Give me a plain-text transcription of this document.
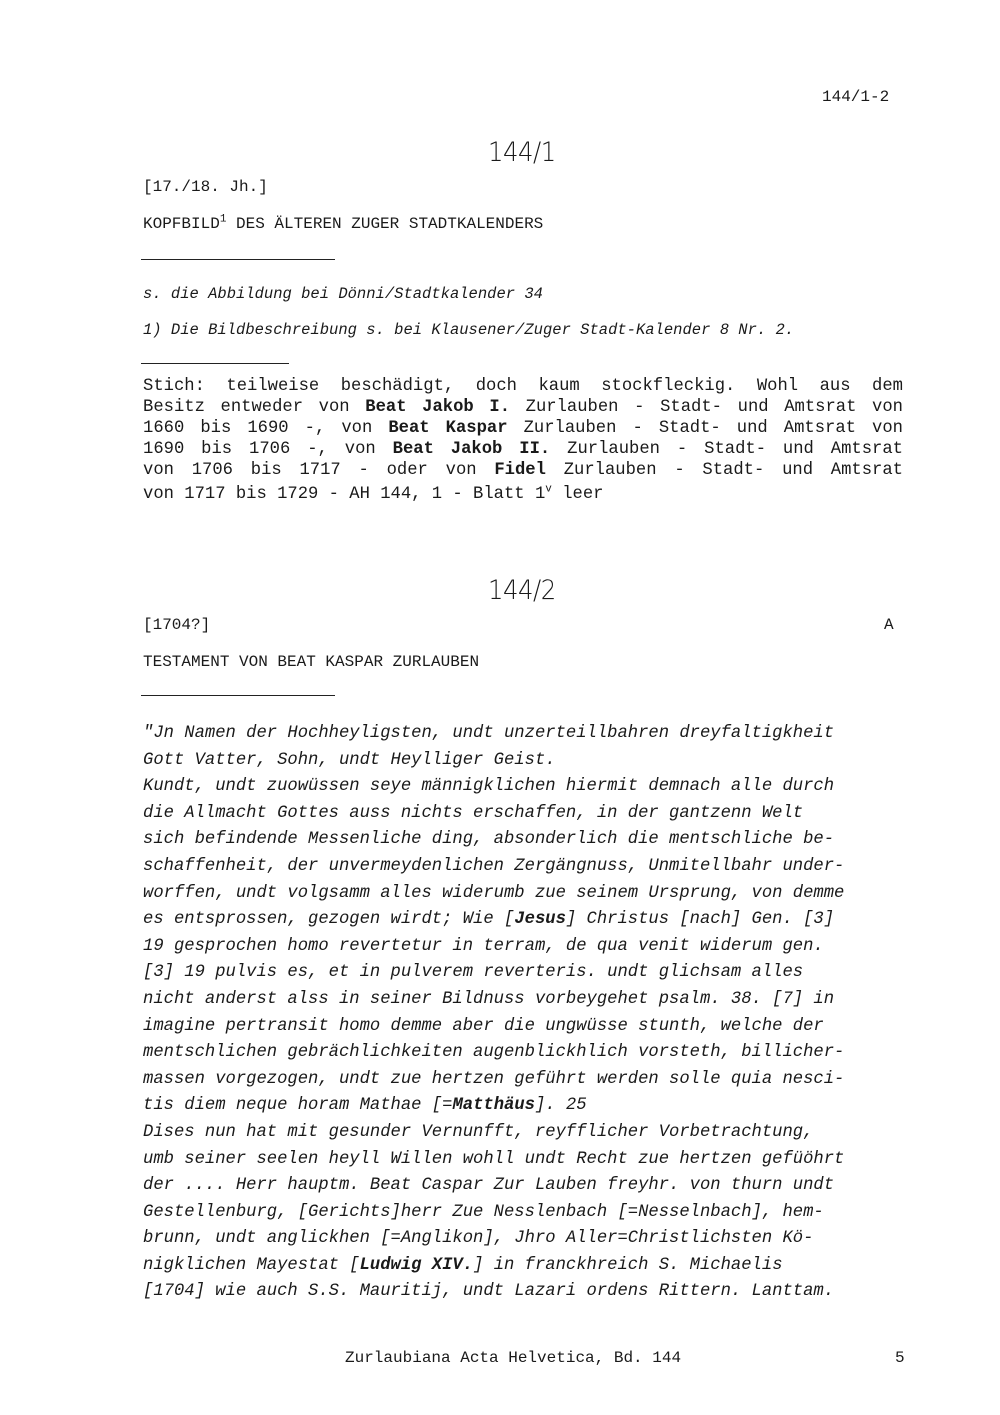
144/1-2
144/1
[17./18. Jh.]
KOPFBILD$^1$ DES ÄLTEREN ZUGER STADTKALENDERS
s. die Abbildung bei Dönni/Stadtkalender 34
1) Die Bildbeschreibung s. bei Klausener/Zuger Stadt-Kalender 8 Nr. 2.
Stich: teilweise beschädigt, doch kaum stockfleckig. Wohl aus dem
Besitz entweder von Beat Jakob I. Zurlauben - Stadt- und Amtsrat von
1660 bis 1690 -, von Beat Kaspar Zurlauben - Stadt- und Amtsrat von
1690 bis 1706 -, von Beat Jakob II. Zurlauben - Stadt- und Amtsrat
von 1706 bis 1717 - oder von Fidel Zurlauben - Stadt- und Amtsrat
von 1717 bis 1729 - AH 144, 1 - Blatt 1$^v$ leer
144/2
[1704?]	A
TESTAMENT VON BEAT KASPAR ZURLAUBEN
"Jn Namen der Hochheyligsten, undt unzerteillbahren dreyfaltigkheit
Gott Vatter, Sohn, undt Heylliger Geist.
Kundt, undt zuowüssen seye männigklichen hiermit demnach alle durch
die Allmacht Gottes auss nichts erschaffen, in der gantzenn Welt
sich befindende Messenliche ding, absonderlich die mentschliche be-
schaffenheit, der unvermeydenlichen Zergängnuss, Unmitellbahr under-
worffen, undt volgsamm alles widerumb zue seinem Ursprung, von demme
es entsprossen, gezogen wirdt; Wie [Jesus] Christus [nach] Gen. [3]
19 gesprochen homo revertetur in terram, de qua venit widerum gen.
[3] 19 pulvis es, et in pulverem reverteris. undt glichsam alles
nicht anderst alss in seiner Bildnuss vorbeygehet psalm. 38. [7] in
imagine pertransit homo demme aber die ungwüsse stunth, welche der
mentschlichen gebrächlichkeiten augenblickhlich vorsteth, billicher-
massen vorgezogen, undt zue hertzen geführt werden solle quia nesci-
tis diem neque horam Mathae [=Matthäus]. 25
Dises nun hat mit gesunder Vernunfft, reyfflicher Vorbetrachtung,
umb seiner seelen heyll Willen wohll undt Recht zue hertzen gefüöhrt
der .... Herr hauptm. Beat Caspar Zur Lauben freyhr. von thurn undt
Gestellenburg, [Gerichts]herr Zue Nesslenbach [=Nesselnbach], hem-
brunn, undt anglickhen [=Anglikon], Jhro Aller=Christlichsten Kö-
nigklichen Mayestat [Ludwig XIV.] in franckhreich S. Michaelis
[1704] wie auch S.S. Mauritij, undt Lazari ordens Rittern. Lanttam.
Zurlaubiana Acta Helvetica, Bd. 144	5
